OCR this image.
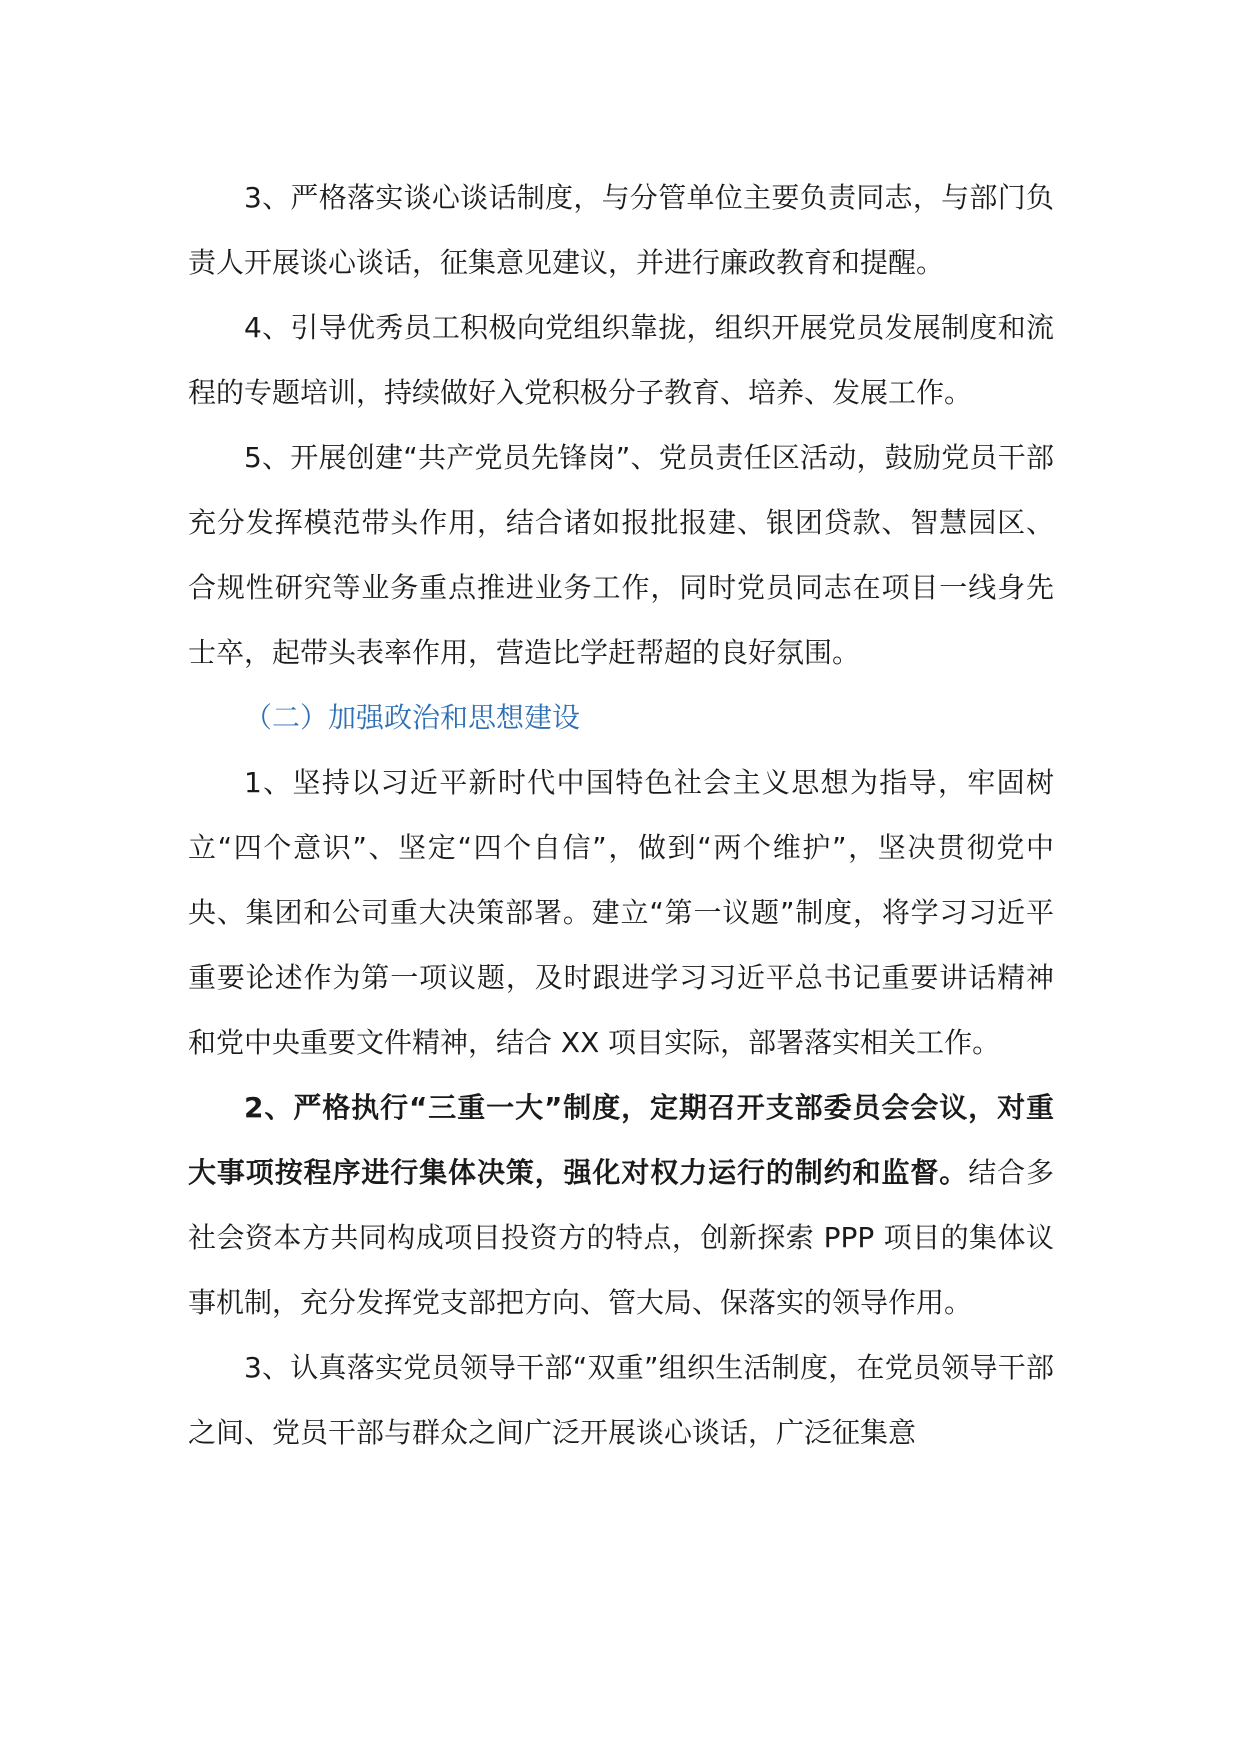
3、严格落实谈心谈话制度，与分管单位主要负责同志，与部门负责人开展谈心谈话，征集意见建议，并进行廉政教育和提醒。

4、引导优秀员工积极向党组织靠拢，组织开展党员发展制度和流程的专题培训，持续做好入党积极分子教育、培养、发展工作。

5、开展创建“共产党员先锋岗”、党员责任区活动，鼓励党员干部充分发挥模范带头作用，结合诸如报批报建、银团贷款、智慧园区、合规性研究等业务重点推进业务工作，同时党员同志在项目一线身先士卒，起带头表率作用，营造比学赶帮超的良好氛围。

（二）加强政治和思想建设

1、坚持以习近平新时代中国特色社会主义思想为指导，牢固树立“四个意识”、坚定“四个自信”，做到“两个维护”，坚决贯彻党中央、集团和公司重大决策部署。建立“第一议题”制度，将学习习近平重要论述作为第一项议题，及时跟进学习习近平总书记重要讲话精神和党中央重要文件精神，结合 XX 项目实际，部署落实相关工作。

2、严格执行“三重一大”制度，定期召开支部委员会会议，对重大事项按程序进行集体决策，强化对权力运行的制约和监督。结合多社会资本方共同构成项目投资方的特点，创新探索 PPP 项目的集体议事机制，充分发挥党支部把方向、管大局、保落实的领导作用。

3、认真落实党员领导干部“双重”组织生活制度，在党员领导干部之间、党员干部与群众之间广泛开展谈心谈话，广泛征集意
